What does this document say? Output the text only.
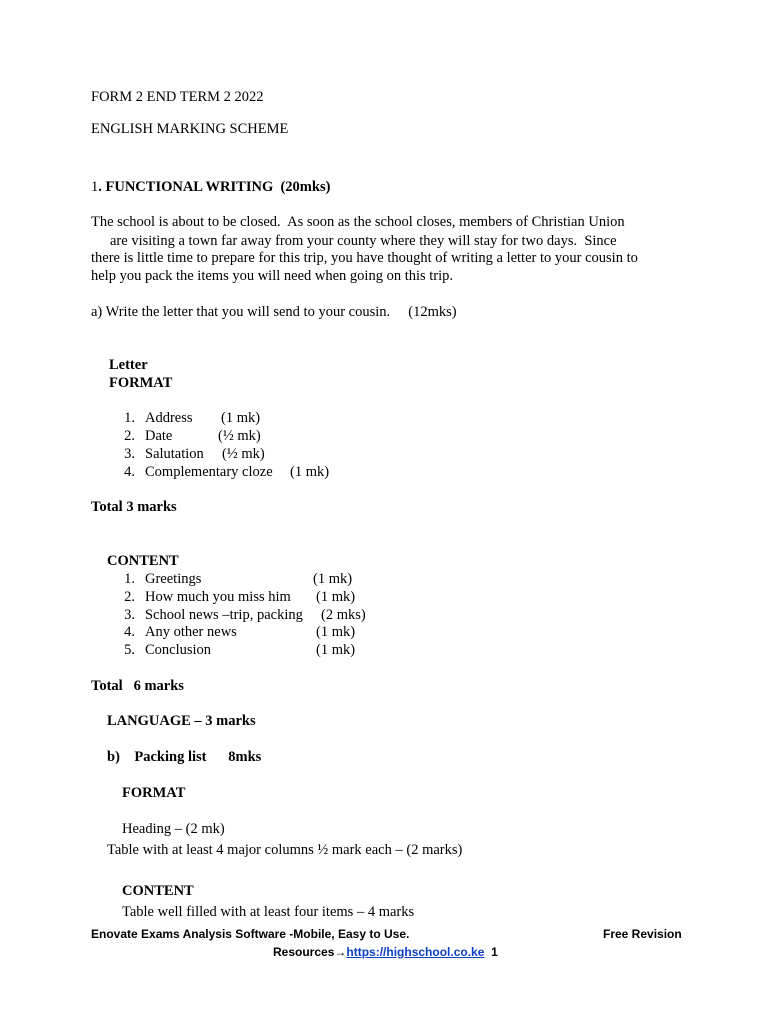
FORM 2 END TERM 2 2022
ENGLISH MARKING SCHEME
1. FUNCTIONAL WRITING  (20mks)
The school is about to be closed.  As soon as the school closes, members of Christian Union
are visiting a town far away from your county where they will stay for two days.  Since
there is little time to prepare for this trip, you have thought of writing a letter to your cousin to
help you pack the items you will need when going on this trip.
a) Write the letter that you will send to your cousin.     (12mks)
Letter
FORMAT
1. Address (1 mk)
2. Date	(½ mk)
3. Salutation (½ mk)
4. Complementary cloze (1 mk)
Total 3 marks
CONTENT
1. Greetings	(1 mk)
2. How much you miss him (1 mk)
3. School news –trip, packing (2 mks)
4. Any other news	(1 mk)
5. Conclusion	(1 mk)
Total   6 marks
LANGUAGE – 3 marks
b)    Packing list      8mks
FORMAT
Heading – (2 mk)
Table with at least 4 major columns ½ mark each – (2 marks)
CONTENT
Table well filled with at least four items – 4 marks
Enovate Exams Analysis Software -Mobile, Easy to Use.	Free Revision
Resources→https://highschool.co.ke 1
